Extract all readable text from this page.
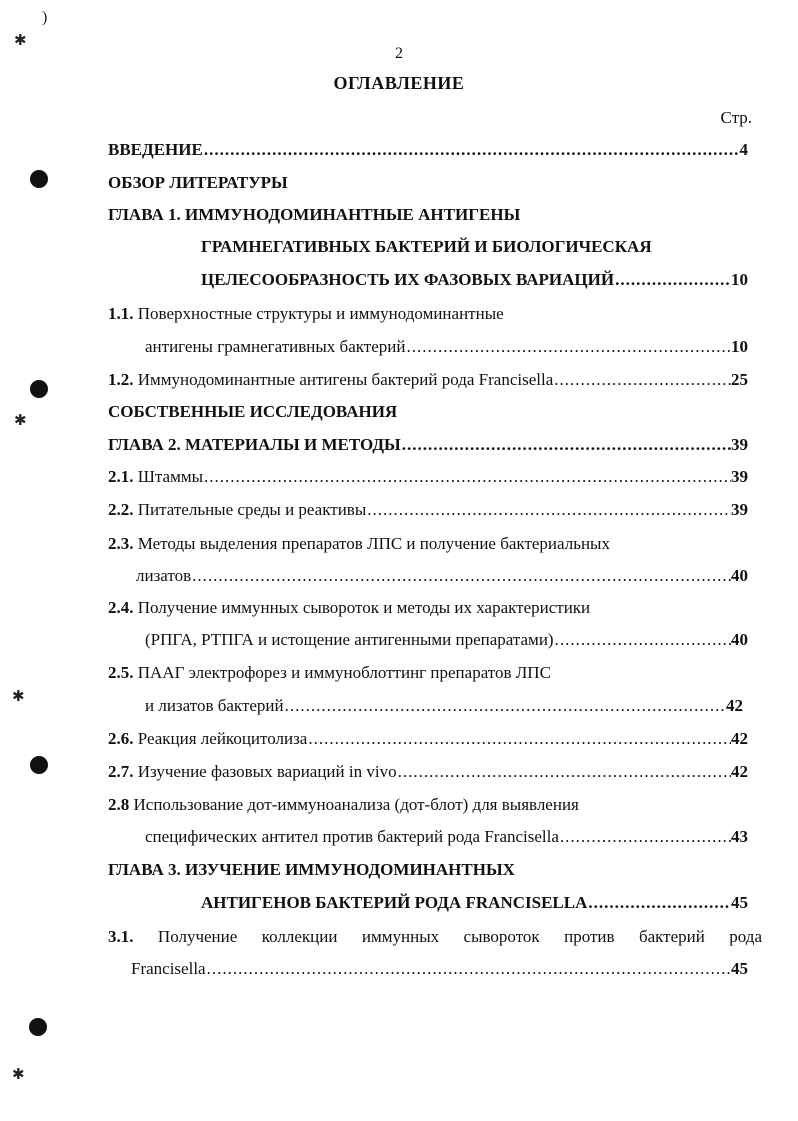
✱
✱
✱
✱
)
2
ОГЛАВЛЕНИЕ
Стр.
ВВЕДЕНИЕ .....	4
ОБЗОР ЛИТЕРАТУРЫ
ГЛАВА 1. ИММУНОДОМИНАНТНЫЕ АНТИГЕНЫ
ГРАМНЕГАТИВНЫХ БАКТЕРИЙ И БИОЛОГИЧЕСКАЯ
ЦЕЛЕСООБРАЗНОСТЬ ИХ ФАЗОВЫХ ВАРИАЦИЙ .....	10
1.1. Поверхностные структуры и иммунодоминантные
антигены грамнегативных бактерий .....	10
1.2. Иммунодоминантные антигены бактерий рода Francisella .....	25
СОБСТВЕННЫЕ ИССЛЕДОВАНИЯ
ГЛАВА 2. МАТЕРИАЛЫ И МЕТОДЫ .....	39
2.1. Штаммы .....	39
2.2. Питательные среды и реактивы .....	39
2.3. Методы выделения препаратов ЛПС и получение бактериальных
лизатов .....	40
2.4. Получение иммунных сывороток и методы их характеристики
(РПГА, РТПГА и истощение антигенными препаратами) .....	40
2.5. ПААГ электрофорез и иммуноблоттинг препаратов ЛПС
и лизатов бактерий .....	42
2.6. Реакция лейкоцитолиза .....	42
2.7. Изучение фазовых вариаций in vivo .....	42
2.8 Использование дот-иммуноанализа (дот-блот) для выявления
специфических антител против бактерий рода Francisella .....	43
ГЛАВА 3. ИЗУЧЕНИЕ ИММУНОДОМИНАНТНЫХ
АНТИГЕНОВ БАКТЕРИЙ РОДА FRANCISELLA .....	45
3.1. Получение коллекции иммунных сывороток против бактерий рода
Francisella .....	45
